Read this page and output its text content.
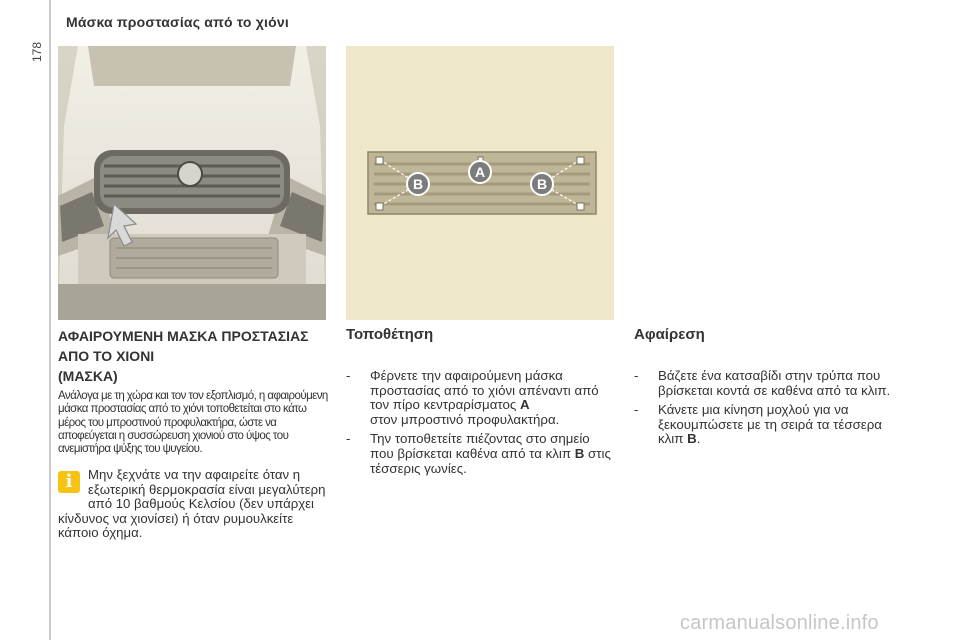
178
Μάσκα προστασίας από το χιόνι
A
B	B
ΑΦΑΙΡΟΥΜΕΝΗ ΜΑΣΚΑ ΠΡΟΣΤΑΣΙΑΣ
ΑΠΟ ΤΟ ΧΙΟΝΙ
(ΜΑΣΚΑ)

Ανάλογα με τη χώρα και τον τον εξοπλισμό, η αφαιρούμενη μάσκα προστασίας από το χιόνι τοποθετείται στο κάτω μέρος του μπροστινού προφυλακτήρα, ώστε να αποφεύγεται η συσσώρευση χιονιού στο ύψος του ανεμιστήρα ψύξης του ψυγείου.

i	Μην ξεχνάτε να την αφαιρείτε όταν η εξωτερική θερμοκρασία είναι μεγαλύτερη από 10 βαθμούς Κελσίου (δεν υπάρχει κίνδυνος να χιονίσει) ή όταν ρυμουλκείτε κάποιο όχημα.
Τοποθέτηση
- Φέρνετε την αφαιρούμενη μάσκα προστασίας από το χιόνι απέναντι από τον πίρο κεντραρίσματος A
στον μπροστινό προφυλακτήρα.
- Την τοποθετείτε πιέζοντας στο σημείο που βρίσκεται καθένα από τα κλιπ B στις τέσσερις γωνίες.
Αφαίρεση
- Βάζετε ένα κατσαβίδι στην τρύπα που βρίσκεται κοντά σε καθένα από τα κλιπ.
- Κάνετε μια κίνηση μοχλού για να ξεκουμπώσετε με τη σειρά τα τέσσερα κλιπ B.
carmanualsonline.info
